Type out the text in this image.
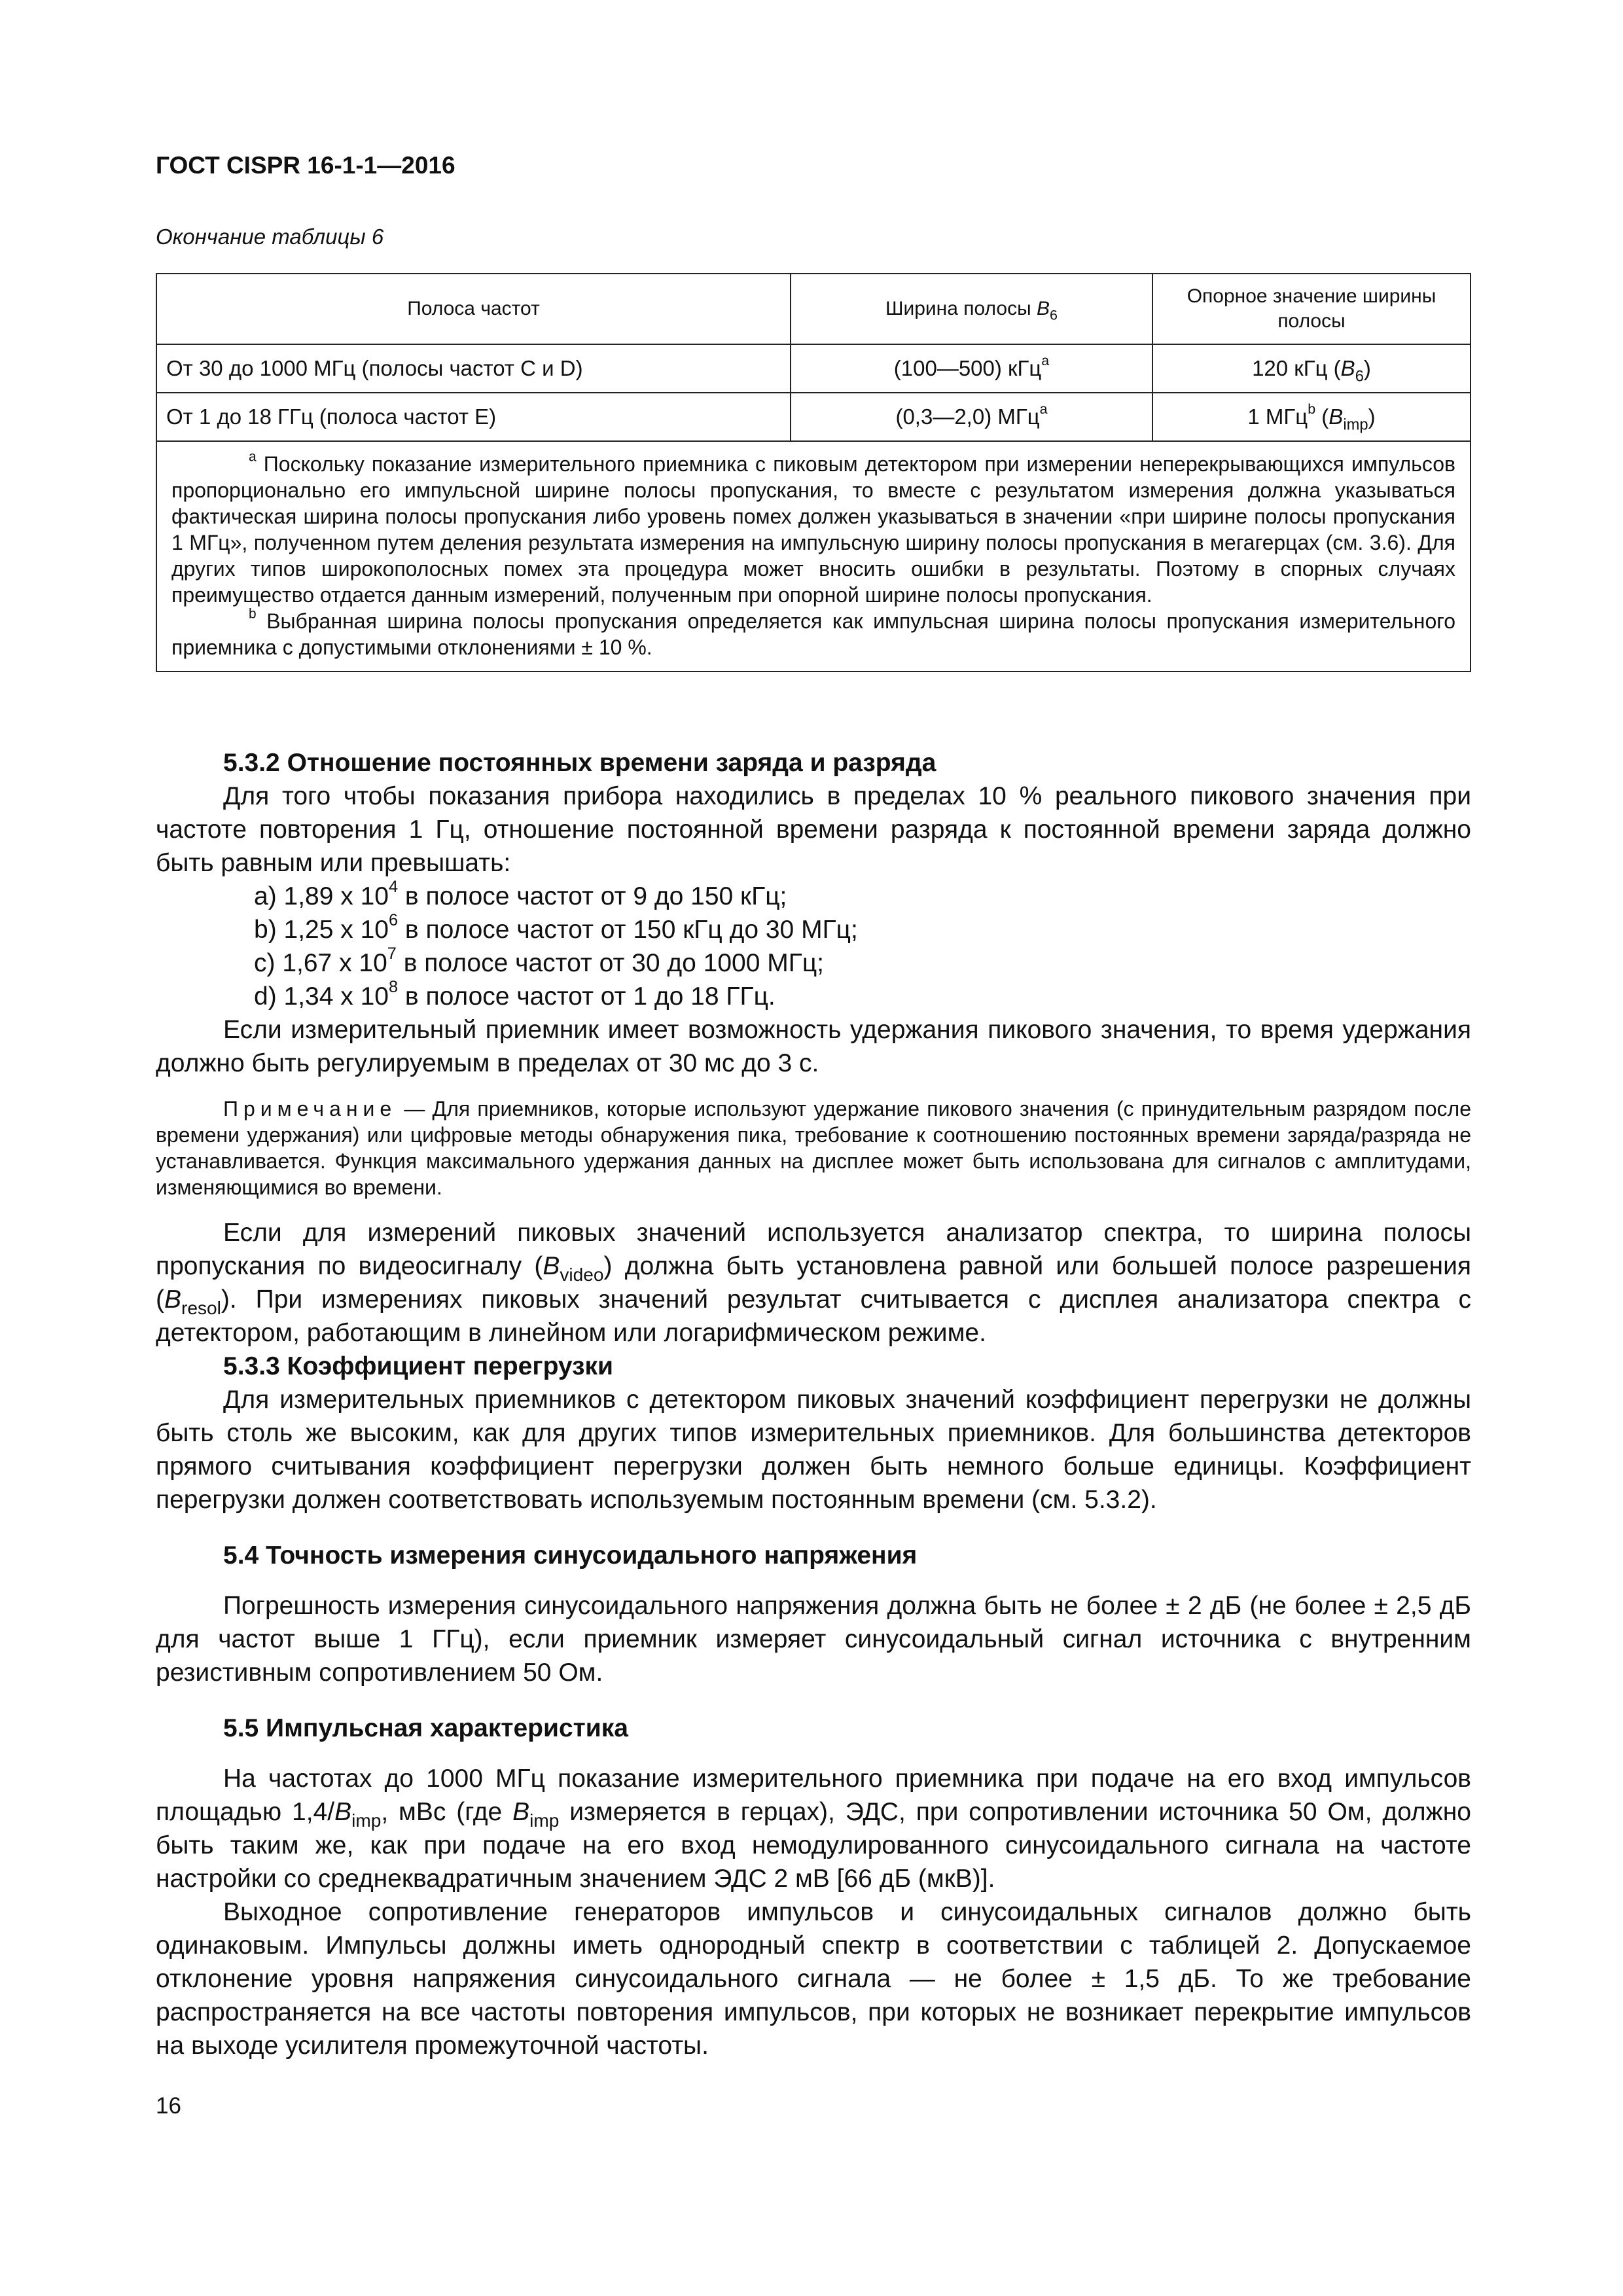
ГОСТ CISPR 16-1-1—2016
Окончание таблицы 6
Полоса частот	Ширина полосы $B_6$	Опорное значение ширины полосы
От 30 до 1000 МГц (полосы частот С и D)	(100—500) кГц$^a$	120 кГц $(B_6)$
От 1 до 18 ГГц (полоса частот Е)	(0,3—2,0) МГц$^a$	1 МГц$^b$ $(B_{imp})$

$^a$ Поскольку показание измерительного приемника с пиковым детектором при измерении неперекрывающихся импульсов пропорционально его импульсной ширине полосы пропускания, то вместе с результатом измерения должна указываться фактическая ширина полосы пропускания либо уровень помех должен указываться в значении «при ширине полосы пропускания 1 МГц», полученном путем деления результата измерения на импульсную ширину полосы пропускания в мегагерцах (см. 3.6). Для других типов широкополосных помех эта процедура может вносить ошибки в результаты. Поэтому в спорных случаях преимущество отдается данным измерений, полученным при опорной ширине полосы пропускания.

$^b$ Выбранная ширина полосы пропускания определяется как импульсная ширина полосы пропускания измерительного приемника с допустимыми отклонениями ± 10 %.		

5.3.2 Отношение постоянных времени заряда и разряда

Для того чтобы показания прибора находились в пределах 10 % реального пикового значения при частоте повторения 1 Гц, отношение постоянной времени разряда к постоянной времени заряда должно быть равным или превышать:

a) 1,89 x $10^4$ в полосе частот от 9 до 150 кГц;

b) 1,25 x $10^6$ в полосе частот от 150 кГц до 30 МГц;

c) 1,67 x $10^7$ в полосе частот от 30 до 1000 МГц;

d) 1,34 x $10^8$ в полосе частот от 1 до 18 ГГц.

Если измерительный приемник имеет возможность удержания пикового значения, то время удержания должно быть регулируемым в пределах от 30 мс до 3 с.

Примечание — Для приемников, которые используют удержание пикового значения (с принудительным разрядом после времени удержания) или цифровые методы обнаружения пика, требование к соотношению постоянных времени заряда/разряда не устанавливается. Функция максимального удержания данных на дисплее может быть использована для сигналов с амплитудами, изменяющимися во времени.

Если для измерений пиковых значений используется анализатор спектра, то ширина полосы пропускания по видеосигналу $(B_{video})$ должна быть установлена равной или большей полосе разрешения $(B_{resol})$. При измерениях пиковых значений результат считывается с дисплея анализатора спектра с детектором, работающим в линейном или логарифмическом режиме.

5.3.3 Коэффициент перегрузки

Для измерительных приемников с детектором пиковых значений коэффициент перегрузки не должны быть столь же высоким, как для других типов измерительных приемников. Для большинства детекторов прямого считывания коэффициент перегрузки должен быть немного больше единицы. Коэффициент перегрузки должен соответствовать используемым постоянным времени (см. 5.3.2).

5.4 Точность измерения синусоидального напряжения

Погрешность измерения синусоидального напряжения должна быть не более ± 2 дБ (не более ± 2,5 дБ для частот выше 1 ГГц), если приемник измеряет синусоидальный сигнал источника с внутренним резистивным сопротивлением 50 Ом.

5.5 Импульсная характеристика

На частотах до 1000 МГц показание измерительного приемника при подаче на его вход импульсов площадью $1,4/B_{imp}$, мВс (где $B_{imp}$ измеряется в герцах), ЭДС, при сопротивлении источника 50 Ом, должно быть таким же, как при подаче на его вход немодулированного синусоидального сигнала на частоте настройки со среднеквадратичным значением ЭДС 2 мВ [66 дБ (мкВ)].

Выходное сопротивление генераторов импульсов и синусоидальных сигналов должно быть одинаковым. Импульсы должны иметь однородный спектр в соответствии с таблицей 2. Допускаемое отклонение уровня напряжения синусоидального сигнала — не более ± 1,5 дБ. То же требование распространяется на все частоты повторения импульсов, при которых не возникает перекрытие импульсов на выходе усилителя промежуточной частоты.

16
